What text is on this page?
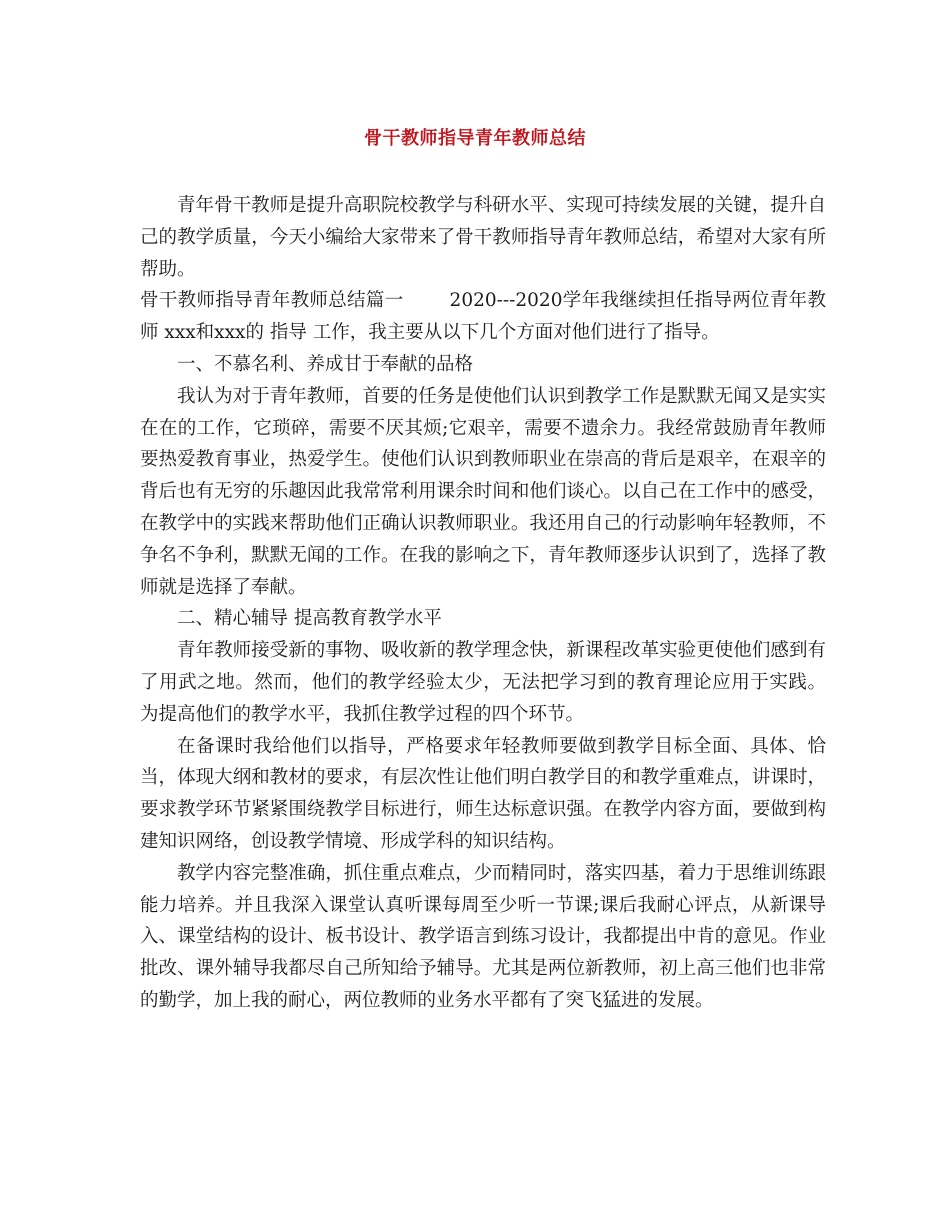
骨干教师指导青年教师总结

青年骨干教师是提升高职院校教学与科研水平、实现可持续发展的关键，提升自己的教学质量，今天小编给大家带来了骨干教师指导青年教师总结，希望对大家有所帮助。

骨干教师指导青年教师总结篇一 2020---2020学年我继续担任指导两位青年教师 xxx和xxx的 指导 工作，我主要从以下几个方面对他们进行了指导。

一、不慕名利、养成甘于奉献的品格

我认为对于青年教师，首要的任务是使他们认识到教学工作是默默无闻又是实实在在的工作，它琐碎，需要不厌其烦;它艰辛，需要不遗余力。我经常鼓励青年教师要热爱教育事业，热爱学生。使他们认识到教师职业在崇高的背后是艰辛，在艰辛的背后也有无穷的乐趣因此我常常利用课余时间和他们谈心。以自己在工作中的感受，在教学中的实践来帮助他们正确认识教师职业。我还用自己的行动影响年轻教师，不争名不争利，默默无闻的工作。在我的影响之下，青年教师逐步认识到了，选择了教师就是选择了奉献。

二、精心辅导 提高教育教学水平

青年教师接受新的事物、吸收新的教学理念快，新课程改革实验更使他们感到有了用武之地。然而，他们的教学经验太少，无法把学习到的教育理论应用于实践。 为提高他们的教学水平，我抓住教学过程的四个环节。

在备课时我给他们以指导，严格要求年轻教师要做到教学目标全面、具体、恰当，体现大纲和教材的要求，有层次性让他们明白教学目的和教学重难点，讲课时，要求教学环节紧紧围绕教学目标进行，师生达标意识强。在教学内容方面，要做到构建知识网络，创设教学情境、形成学科的知识结构。

教学内容完整准确，抓住重点难点，少而精同时，落实四基，着力于思维训练跟能力培养。并且我深入课堂认真听课每周至少听一节课;课后我耐心评点，从新课导入、课堂结构的设计、板书设计、教学语言到练习设计，我都提出中肯的意见。作业批改、课外辅导我都尽自己所知给予辅导。尤其是两位新教师，初上高三他们也非常的勤学，加上我的耐心，两位教师的业务水平都有了突飞猛进的发展。
